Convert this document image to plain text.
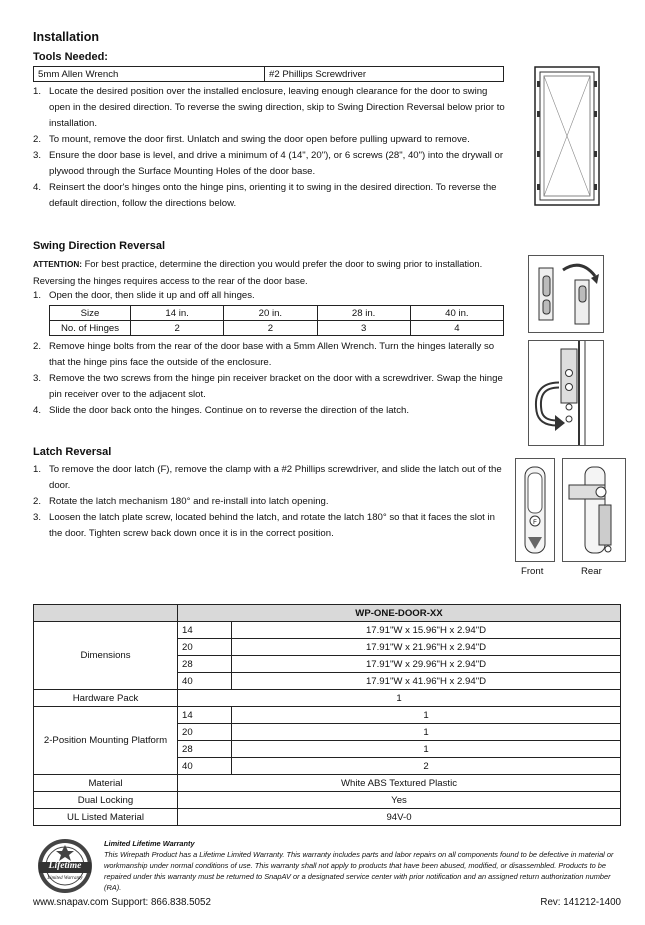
Installation
Tools Needed:
5mm Allen Wrench	#2 Phillips Screwdriver
1. Locate the desired position over the installed enclosure, leaving enough clearance for the door to swing open in the desired direction. To reverse the swing direction, skip to Swing Direction Reversal below prior to installation.
2. To mount, remove the door first. Unlatch and swing the door open before pulling upward to remove.
3. Ensure the door base is level, and drive a minimum of 4 (14", 20"), or 6 screws (28", 40") into the drywall or plywood through the Surface Mounting Holes of the door base.
4. Reinsert the door's hinges onto the hinge pins, orienting it to swing in the desired direction. To reverse the default direction, follow the directions below.
Swing Direction Reversal
ATTENTION: For best practice, determine the direction you would prefer the door to swing prior to installation.
Reversing the hinges requires access to the rear of the door base.
1. Open the door, then slide it up and off all hinges.
Size	14 in.	20 in.	28 in.	40 in.
No. of Hinges	2	2	3	4
2. Remove hinge bolts from the rear of the door base with a 5mm Allen Wrench. Turn the hinges laterally so that the hinge pins face the outside of the enclosure.
3. Remove the two screws from the hinge pin receiver bracket on the door with a screwdriver. Swap the hinge pin receiver over to the adjacent slot.
4. Slide the door back onto the hinges. Continue on to reverse the direction of the latch.
Latch Reversal
1. To remove the door latch (F), remove the clamp with a #2 Phillips screwdriver, and slide the latch out of the door.
2. Rotate the latch mechanism 180° and re-install into latch opening.
3. Loosen the latch plate screw, located behind the latch, and rotate the latch 180° so that it faces the slot in the door. Tighten screw back down once it is in the correct position.
F
Front	Rear
	WP-ONE-DOOR-XX	
Dimensions	14	17.91"W x 15.96"H x 2.94"D
	20	17.91"W x 21.96"H x 2.94"D
	28	17.91"W x 29.96"H x 2.94"D
	40	17.91"W x 41.96"H x 2.94"D
Hardware Pack	1	
2-Position Mounting Platform	14	1
	20	1
	28	1
	40	2
Material	White ABS Textured Plastic	
Dual Locking	Yes	
UL Listed Material	94V-0	
Lifetime
Limited Warranty
Limited Lifetime Warranty
This Wirepath Product has a Lifetime Limited Warranty. This warranty includes parts and labor repairs on all components found to be defective in material or workmanship under normal conditions of use. This warranty shall not apply to products that have been abused, modified, or disassembled. Products to be repaired under this warranty must be returned to SnapAV or a designated service center with prior notification and an assigned return authorization number (RA).
www.snapav.com Support: 866.838.5052	Rev: 141212-1400
